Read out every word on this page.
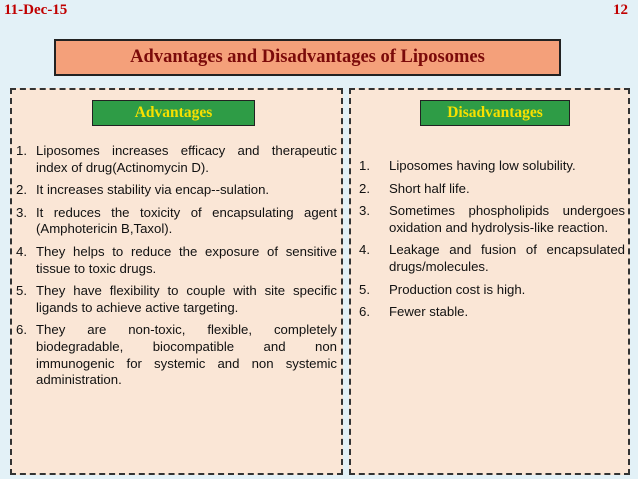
11-Dec-15	12
Advantages and Disadvantages of Liposomes
Advantages
1. Liposomes increases efficacy and therapeutic index of drug(Actinomycin D).
2. It increases stability via encap--sulation.
3. It reduces the toxicity of encapsulating agent (Amphotericin B,Taxol).
4. They helps to reduce the exposure of sensitive tissue to toxic drugs.
5. They have flexibility to couple with site specific ligands to achieve active targeting.
6. They are non-toxic, flexible, completely biodegradable, biocompatible and non immunogenic for systemic and non systemic administration.
Disadvantages
1.	Liposomes having low solubility.
2.	Short half life.
3.	Sometimes phospholipids undergoes oxidation and hydrolysis-like reaction.
4.	Leakage and fusion of encapsulated drugs/molecules.
5.	Production cost is high.
6.	Fewer stable.
